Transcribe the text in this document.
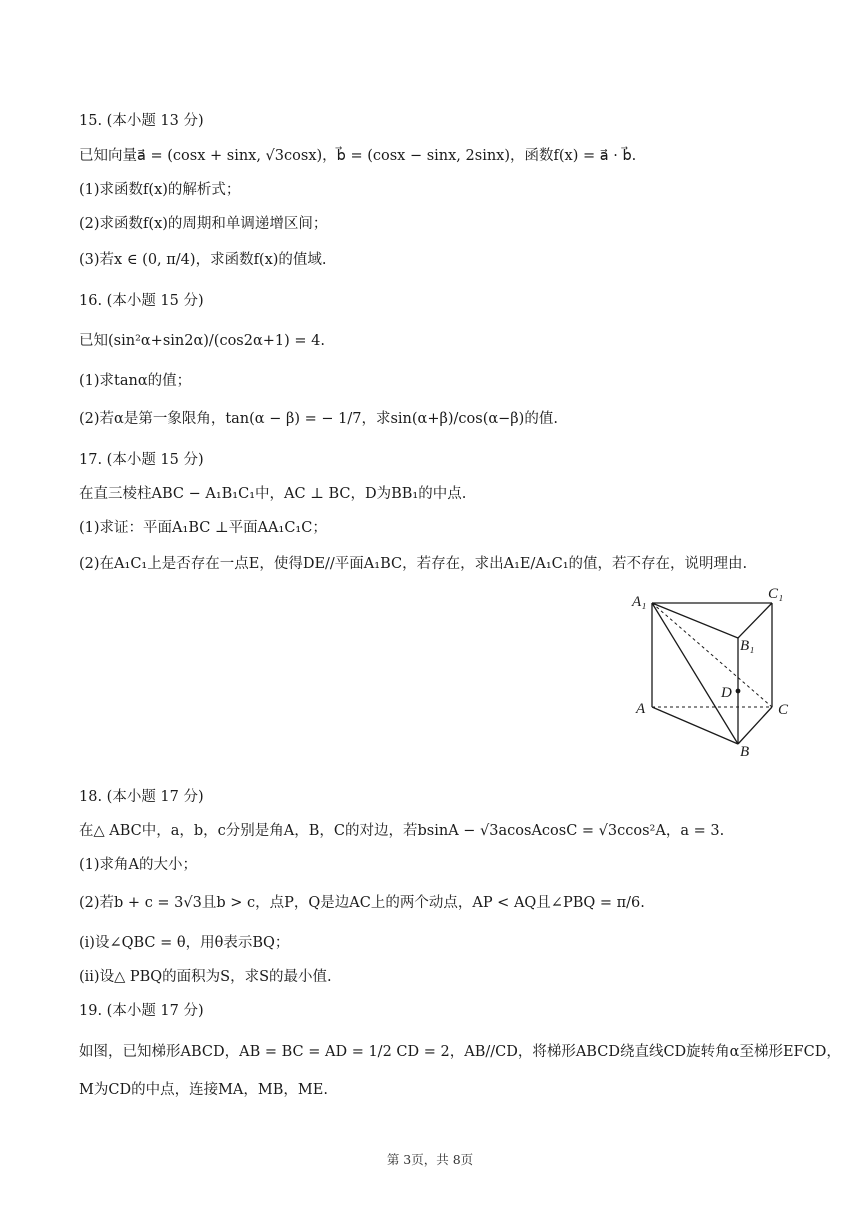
15. (本小题 13 分)
已知向量a⃗ = (cosx + sinx, √3cosx)，b⃗ = (cosx − sinx, 2sinx)，函数f(x) = a⃗ · b⃗.
(1)求函数f(x)的解析式；
(2)求函数f(x)的周期和单调递增区间；
(3)若x ∈ (0, π/4)，求函数f(x)的值域.
16. (本小题 15 分)
已知(sin²α+sin2α)/(cos2α+1) = 4.
(1)求tanα的值；
(2)若α是第一象限角，tan(α − β) = − 1/7，求sin(α+β)/cos(α−β)的值.
17. (本小题 15 分)
在直三棱柱ABC − A₁B₁C₁中，AC ⊥ BC，D为BB₁的中点.
(1)求证：平面A₁BC ⊥平面AA₁C₁C；
(2)在A₁C₁上是否存在一点E，使得DE//平面A₁BC，若存在，求出A₁E/A₁C₁的值，若不存在，说明理由.
A₁	C₁
B₁
D
A	C
B
18. (本小题 17 分)
在△ ABC中，a，b，c分别是角A，B，C的对边，若bsinA − √3acosAcosC = √3ccos²A，a = 3.
(1)求角A的大小；
(2)若b + c = 3√3且b > c，点P，Q是边AC上的两个动点，AP < AQ且∠PBQ = π/6.
(i)设∠QBC = θ，用θ表示BQ；
(ii)设△ PBQ的面积为S，求S的最小值.
19. (本小题 17 分)
如图，已知梯形ABCD，AB = BC = AD = 1/2 CD = 2，AB//CD，将梯形ABCD绕直线CD旋转角α至梯形EFCD，
M为CD的中点，连接MA，MB，ME.
第 3页，共 8页
